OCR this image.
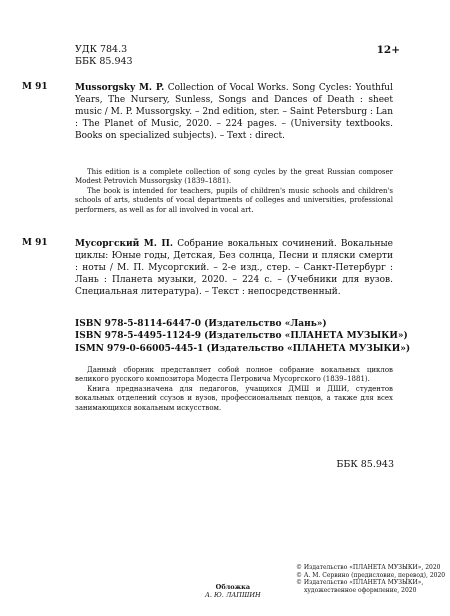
УДК 784.3
ББК 85.943
12+
М 91	Mussorgsky M. P. Collection of Vocal Works. Song Cycles: Youthful Years, The Nursery, Sunless, Songs and Dances of Death : sheet music / M. P. Mussorgsky. – 2nd edition, ster. – Saint Petersburg : Lan : The Planet of Music, 2020. – 224 pages. – (University textbooks. Books on specialized subjects). – Text : direct.

This edition is a complete collection of song cycles by the great Russian composer Modest Petrovich Mussorgsky (1839–1881).

The book is intended for teachers, pupils of children's music schools and children's schools of arts, students of vocal departments of colleges and universities, professional performers, as well as for all involved in vocal art.

М 91	Мусоргский М. П. Собрание вокальных сочинений. Вокальные циклы: Юные годы, Детская, Без солнца, Песни и пляски смерти : ноты / М. П. Мусоргский. – 2-е изд., стер. – Санкт-Петербург : Лань : Планета музыки, 2020. – 224 с. – (Учебники для вузов. Специальная литература). – Текст : непосредственный.
ISBN 978-5-8114-6447-0 (Издательство «Лань»)
ISBN 978-5-4495-1124-9 (Издательство «ПЛАНЕТА МУЗЫКИ»)
ISMN 979-0-66005-445-1 (Издательство «ПЛАНЕТА МУЗЫКИ»)

Данный сборник представляет собой полное собрание вокальных циклов великого русского композитора Модеста Петровича Мусоргского (1839–1881).

Книга предназначена для педагогов, учащихся ДМШ и ДШИ, студентов вокальных отделений ссузов и вузов, профессиональных певцов, а также для всех занимающихся вокальным искусством.

ББК 85.943
Обложка
А. Ю. ЛАПШИН
© Издательство «ПЛАНЕТА МУЗЫКИ», 2020
© А. М. Сервино (предисловие, перевод), 2020
© Издательство «ПЛАНЕТА МУЗЫКИ»,
художественное оформление, 2020
